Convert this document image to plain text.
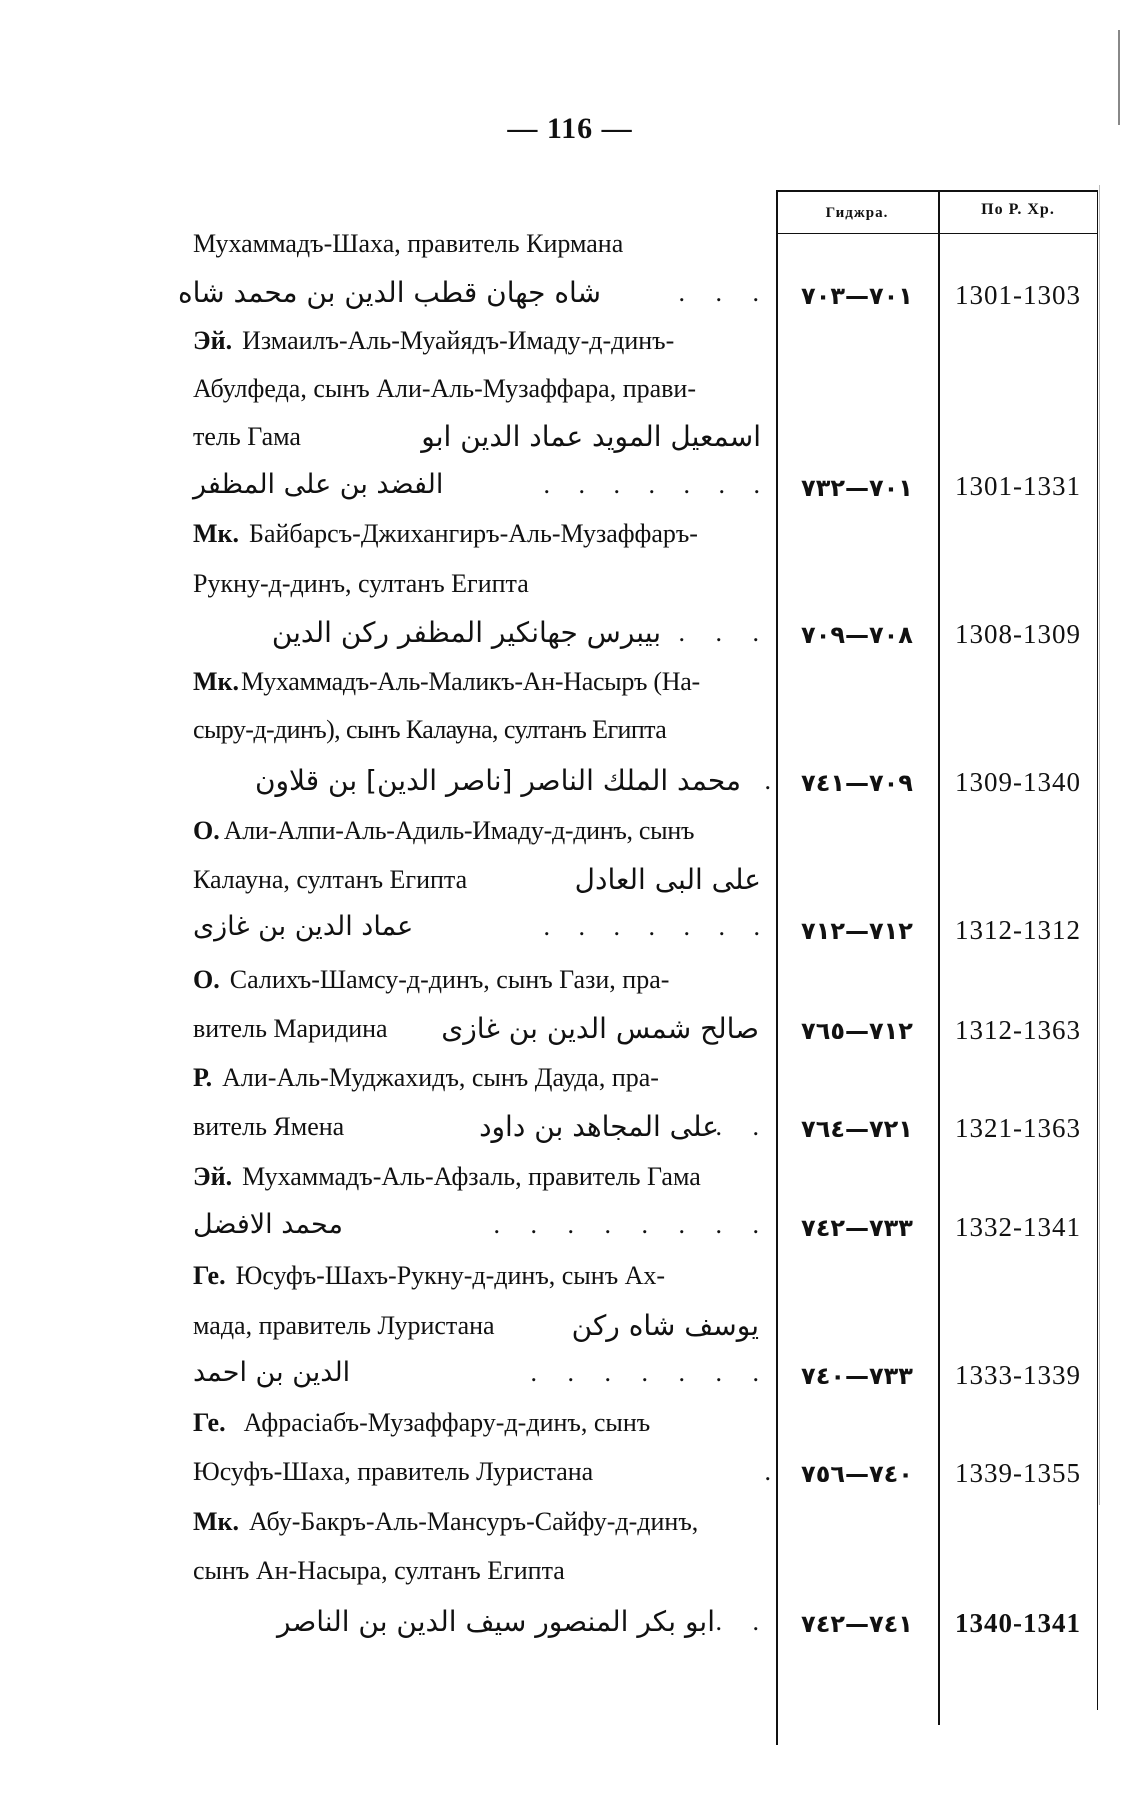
— 116 —
Гиджра.	По Р. Хр.
Мухаммадъ-Шаха, правитель Кирмана
شاه جهان قطب الدين بن محمد شاه	. . .	٧٠١—٧٠٣	1301-1303
Эй. Измаилъ-Аль-Муайядъ-Имаду-д-динъ-
Абулфеда, сынъ Али-Аль-Музаффара, прави-
тель Гама	اسمعيل المويد عماد الدين ابو
الفضد بن على المظفر	. . . . . . .	٧٠١—٧٣٢	1301-1331
Мк. Байбарсъ-Джихангиръ-Аль-Музаффаръ-
Рукну-д-динъ, султанъ Египта
بيبرس جهانكير المظفر ركن الدين . . .	٧٠٨—٧٠٩	1308-1309
Мк.Мухаммадъ-Аль-Маликъ-Ан-Насыръ (На-
сыру-д-динъ), сынъ Калауна, султанъ Египта
محمد الملك الناصر [ناصر الدين] بن قلاون .	٧٠٩—٧٤١	1309-1340
О. Али-Алпи-Аль-Адиль-Имаду-д-динъ, сынъ
Калауна, султанъ Египта	على البى العادل
عماد الدين بن غازى	. . . . . . .	٧١٢—٧١٢	1312-1312
О. Салихъ-Шамсу-д-динъ, сынъ Гази, пра-
витель Маридина صالح شمس الدين بن غازى	٧١٢—٧٦٥	1312-1363
Р. Али-Аль-Муджахидъ, сынъ Дауда, пра-
витель Ямена	على المجاهد بن داود
. .	٧٢١—٧٦٤	1321-1363
Эй. Мухаммадъ-Аль-Афзаль, правитель Гама
محمد الافضل	. . . . . . . .	٧٣٣—٧٤٢	1332-1341
Ге. Юсуфъ-Шахъ-Рукну-д-динъ, сынъ Ах-
мада, правитель Луристана	يوسف شاه ركن
الدين بن احمد	. . . . . . .	٧٣٣—٧٤٠	1333-1339
Ге. Афрасіабъ-Музаффару-д-динъ, сынъ
Юсуфъ-Шаха, правитель Луристана	.	٧٤٠—٧٥٦	1339-1355
Мк. Абу-Бакръ-Аль-Мансуръ-Сайфу-д-динъ,
сынъ Ан-Насыра, султанъ Египта
ابو بكر المنصور سيف الدين بن الناصر . .	٧٤١—٧٤٢	1340-1341
